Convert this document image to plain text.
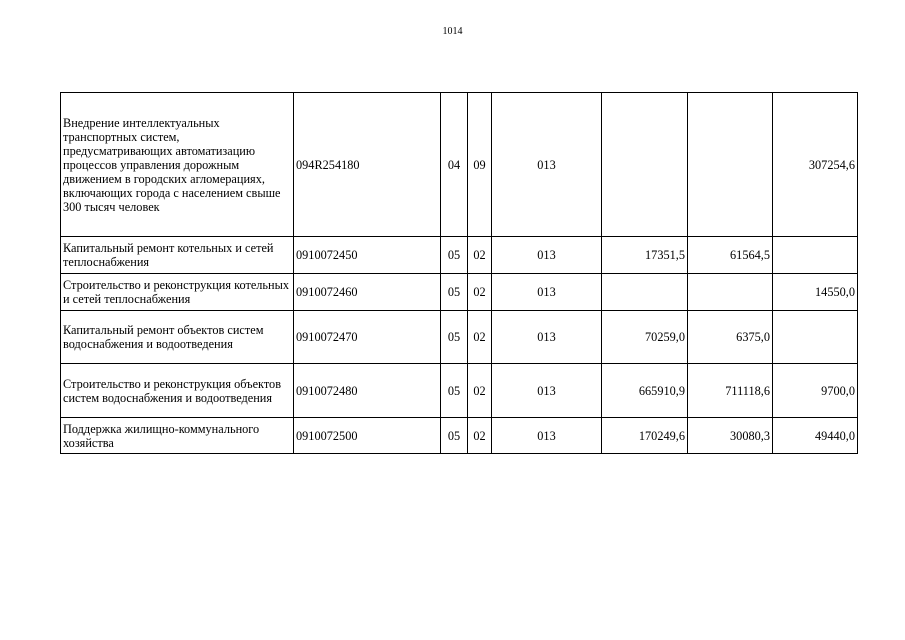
1014
Внедрение интеллектуальных транспортных систем, предусматривающих автоматизацию процессов управления дорожным движением в городских агломерациях, включающих города с населением свыше 300 тысяч человек	094R254180	04	09	013			307254,6
Капитальный ремонт котельных и сетей теплоснабжения	0910072450	05	02	013	17351,5	61564,5	
Строительство и реконструкция котельных и сетей теплоснабжения	0910072460	05	02	013			14550,0
Капитальный ремонт объектов систем водоснабжения и водоотведения	0910072470	05	02	013	70259,0	6375,0	
Строительство и реконструкция объектов систем водоснабжения и водоотведения	0910072480	05	02	013	665910,9	711118,6	9700,0
Поддержка жилищно-коммунального хозяйства	0910072500	05	02	013	170249,6	30080,3	49440,0
